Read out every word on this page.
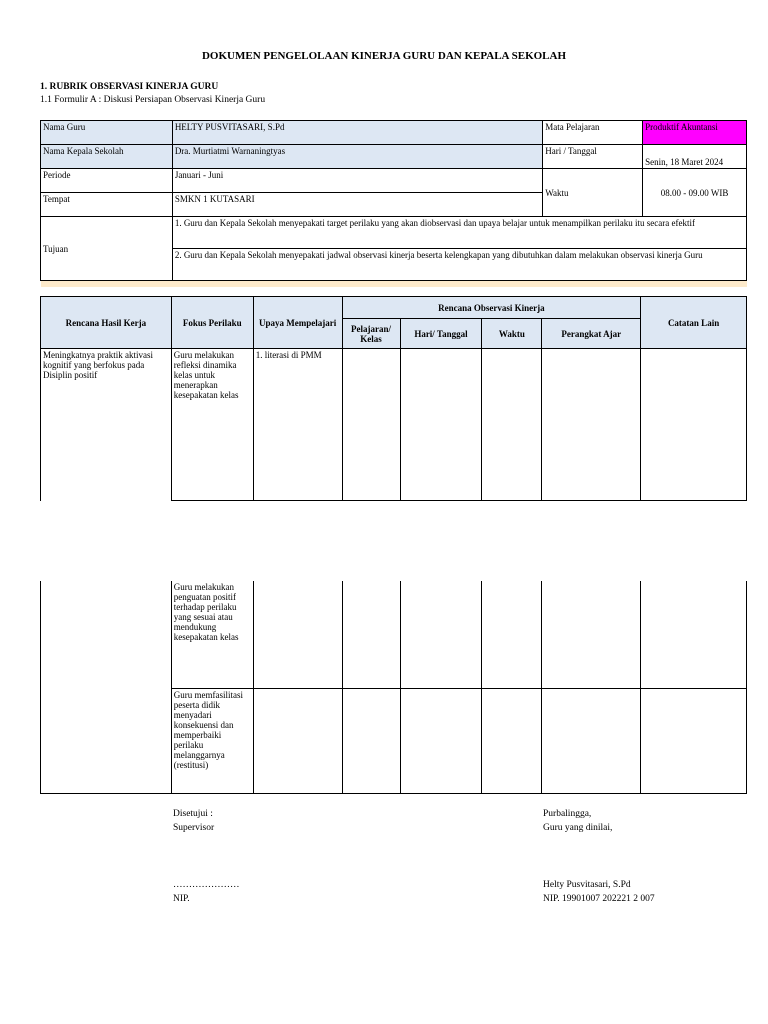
DOKUMEN PENGELOLAAN KINERJA GURU DAN KEPALA SEKOLAH
1. RUBRIK OBSERVASI KINERJA GURU
1.1 Formulir A : Diskusi Persiapan Observasi Kinerja Guru
Nama Guru	HELTY PUSVITASARI, S.Pd	Mata Pelajaran	Produktif Akuntansi
Nama Kepala Sekolah	Dra. Murtiatmi Warnaningtyas	Hari / Tanggal	Senin, 18 Maret 2024
Periode	Januari - Juni	Waktu	08.00 - 09.00 WIB
Tempat	SMKN 1 KUTASARI		
Tujuan	1. Guru dan Kepala Sekolah menyepakati target perilaku yang akan diobservasi dan upaya belajar untuk menampilkan perilaku itu secara efektif		
	2. Guru dan Kepala Sekolah menyepakati jadwal observasi kinerja beserta kelengkapan yang dibutuhkan dalam melakukan observasi kinerja Guru		

Rencana Hasil Kerja	Fokus Perilaku	Upaya Mempelajari	Rencana Observasi Kinerja				Catatan Lain
			Pelajaran/ Kelas	Hari/ Tanggal	Waktu	Perangkat Ajar	
Meningkatnya praktik aktivasi kognitif yang berfokus pada Disiplin positif	Guru melakukan refleksi dinamika kelas untuk menerapkan kesepakatan kelas	1. literasi di PMM					
	Guru melakukan penguatan positif terhadap perilaku yang sesuai atau mendukung kesepakatan kelas						
	Guru memfasilitasi peserta didik menyadari konsekuensi dan memperbaiki perilaku melanggarnya (restitusi)						
Disetujui :
Supervisor
…………………
NIP.
Purbalingga,
Guru yang dinilai,
Helty Pusvitasari, S.Pd
NIP. 19901007 202221 2 007
